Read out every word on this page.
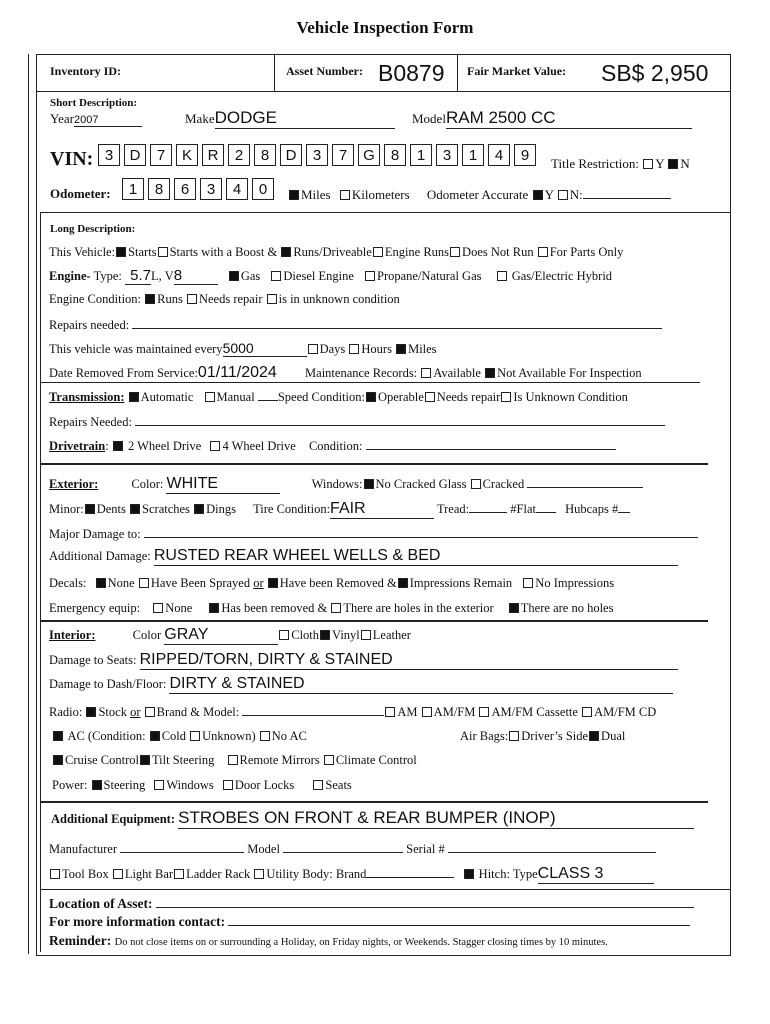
Vehicle Inspection Form
Inventory ID:	Asset Number: B0879 Fair Market Value: SB$ 2,950
Short Description:
Year2007	MakeDODGE	ModelRAM 2500 CC
VIN: 3 D 7 K R 2 8 D 3 7 G 8 1 3 1 4 9	Title Restriction: Y N
Odometer:	1 8 6 3 4 0	Miles Kilometers Odometer Accurate Y N:
Long Description:
This Vehicle: Starts Starts with a Boost & Runs/Driveable Engine Runs Does Not Run For Parts Only
Engine- Type: 5.7L, V8	Gas Diesel Engine Propane/Natural Gas Gas/Electric Hybrid
Engine Condition: Runs Needs repair is in unknown condition
Repairs needed:
This vehicle was maintained every5000	Days Hours Miles
Date Removed From Service:01/11/2024 Maintenance Records: Available Not Available For Inspection
Transmission: Automatic Manual Speed Condition: Operable Needs repair Is Unknown Condition
Repairs Needed:
Drivetrain:  2 Wheel Drive 4 Wheel Drive Condition:
Exterior:	Color: WHITE	Windows: No Cracked Glass Cracked
Minor: Dents Scratches Dings Tire Condition:FAIR	Tread:	#Flat Hubcaps #
Major Damage to:
Additional Damage: RUSTED REAR WHEEL WELLS & BED
Decals: None Have Been Sprayed or Have been Removed & Impressions Remain No Impressions
Emergency equip: None Has been removed & There are holes in the exterior There are no holes
Interior:	Color GRAY	Cloth Vinyl Leather
Damage to Seats: RIPPED/TORN, DIRTY & STAINED
Damage to Dash/Floor: DIRTY & STAINED
Radio: Stock or Brand & Model:	AM AM/FM AM/FM Cassette AM/FM CD
AC (Condition: Cold Unknown) No AC	Air Bags: Driver’s Side Dual
Cruise Control Tilt Steering Remote Mirrors Climate Control
Power: Steering Windows Door Locks Seats
Additional Equipment: STROBES ON FRONT & REAR BUMPER (INOP)
Manufacturer	Model	Serial #
Tool Box Light Bar Ladder Rack Utility Body: Brand	Hitch: TypeCLASS 3
Location of Asset:
For more information contact:
Reminder: Do not close items on or surrounding a Holiday, on Friday nights, or Weekends. Stagger closing times by 10 minutes.
